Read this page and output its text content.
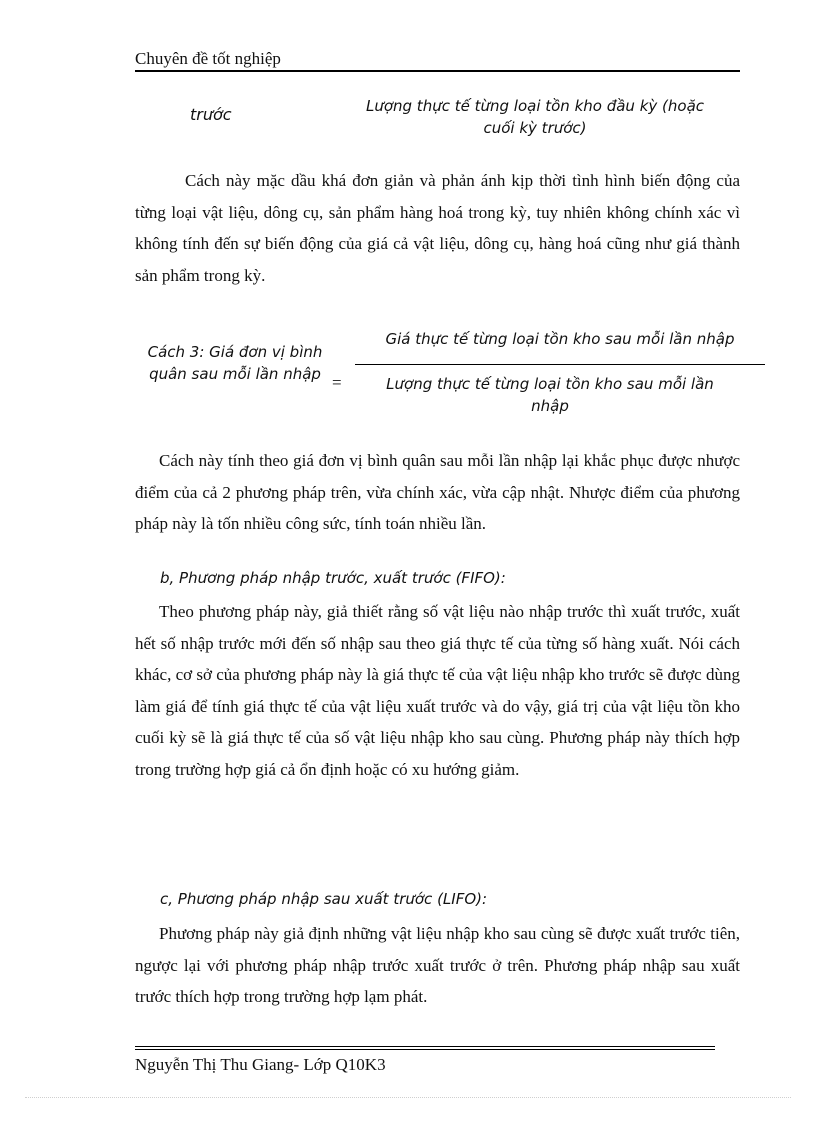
Chuyên đề tốt nghiệp
trước	Lượng thực tế từng loại tồn kho đầu kỳ (hoặc cuối kỳ trước)

Cách này mặc dầu khá đơn giản và phản ánh kịp thời tình hình biến động của từng loại vật liệu, dông cụ, sản phẩm hàng hoá trong kỳ, tuy nhiên không chính xác vì không tính đến sự biến động của giá cả vật liệu, dông cụ, hàng hoá cũng như giá thành sản phẩm trong kỳ.

Cách 3: Giá đơn vị bình quân sau mỗi lần nhập =
Giá thực tế từng loại tồn kho sau mỗi lần nhập
Lượng thực tế từng loại tồn kho sau mỗi lần nhập

Cách này tính theo giá đơn vị bình quân sau mỗi lần nhập lại khắc phục được nhược điểm của cả 2 phương pháp trên, vừa chính xác, vừa cập nhật. Nhược điểm của phương pháp này là tốn nhiều công sức, tính toán nhiều lần.

b, Phương pháp nhập trước, xuất trước (FIFO):

Theo phương pháp này, giả thiết rằng số vật liệu nào nhập trước thì xuất trước, xuất hết số nhập trước mới đến số nhập sau theo giá thực tế của từng số hàng xuất. Nói cách khác, cơ sở của phương pháp này là giá thực tế của vật liệu nhập kho trước sẽ được dùng làm giá để tính giá thực tế của vật liệu xuất trước và do vậy, giá trị của vật liệu tồn kho cuối kỳ sẽ là giá thực tế của số vật liệu nhập kho sau cùng. Phương pháp này thích hợp trong trường hợp giá cả ổn định hoặc có xu hướng giảm.

c, Phương pháp nhập sau xuất trước (LIFO):

Phương pháp này giả định những vật liệu nhập kho sau cùng sẽ được xuất trước tiên, ngược lại với phương pháp nhập trước xuất trước ở trên. Phương pháp nhập sau xuất trước thích hợp trong trường hợp lạm phát.

Nguyễn Thị Thu Giang- Lớp Q10K3
